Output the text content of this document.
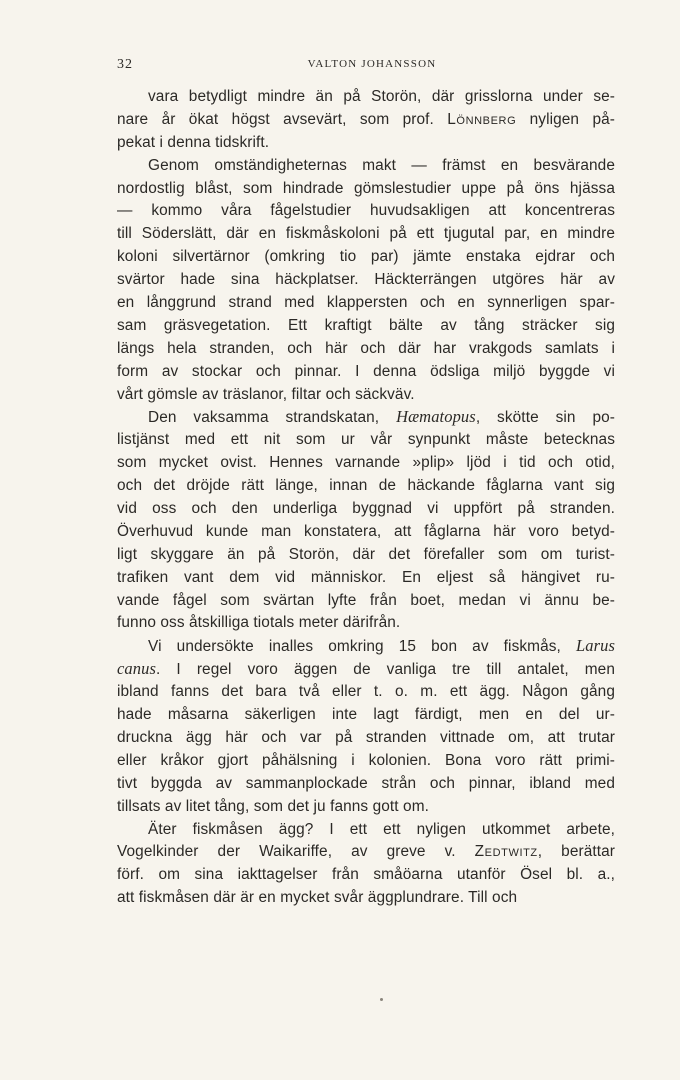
32	VALTON JOHANSSON
vara betydligt mindre än på Storön, där grisslorna under se-
nare år ökat högst avsevärt, som prof. Lönnberg nyligen på-
pekat i denna tidskrift.
Genom omständigheternas makt — främst en besvärande
nordostlig blåst, som hindrade gömslestudier uppe på öns hjässa
— kommo våra fågelstudier huvudsakligen att koncentreras
till Söderslätt, där en fiskmåskoloni på ett tjugutal par, en mindre
koloni silvertärnor (omkring tio par) jämte enstaka ejdrar och
svärtor hade sina häckplatser. Häckterrängen utgöres här av
en långgrund strand med klappersten och en synnerligen spar-
sam gräsvegetation. Ett kraftigt bälte av tång sträcker sig
längs hela stranden, och här och där har vrakgods samlats i
form av stockar och pinnar. I denna ödsliga miljö byggde vi
vårt gömsle av träslanor, filtar och säckväv.
Den vaksamma strandskatan, Hæmatopus, skötte sin po-
listjänst med ett nit som ur vår synpunkt måste betecknas
som mycket ovist. Hennes varnande »plip» ljöd i tid och otid,
och det dröjde rätt länge, innan de häckande fåglarna vant sig
vid oss och den underliga byggnad vi uppfört på stranden.
Överhuvud kunde man konstatera, att fåglarna här voro betyd-
ligt skyggare än på Storön, där det förefaller som om turist-
trafiken vant dem vid människor. En eljest så hängivet ru-
vande fågel som svärtan lyfte från boet, medan vi ännu be-
funno oss åtskilliga tiotals meter därifrån.
Vi undersökte inalles omkring 15 bon av fiskmås, Larus
canus. I regel voro äggen de vanliga tre till antalet, men
ibland fanns det bara två eller t. o. m. ett ägg. Någon gång
hade måsarna säkerligen inte lagt färdigt, men en del ur-
druckna ägg här och var på stranden vittnade om, att trutar
eller kråkor gjort påhälsning i kolonien. Bona voro rätt primi-
tivt byggda av sammanplockade strån och pinnar, ibland med
tillsats av litet tång, som det ju fanns gott om.
Äter fiskmåsen ägg? I ett ett nyligen utkommet arbete,
Vogelkinder der Waikariffe, av greve v. Zedtwitz, berättar
förf. om sina iakttagelser från småöarna utanför Ösel bl. a.,
att fiskmåsen där är en mycket svår äggplundrare. Till och
